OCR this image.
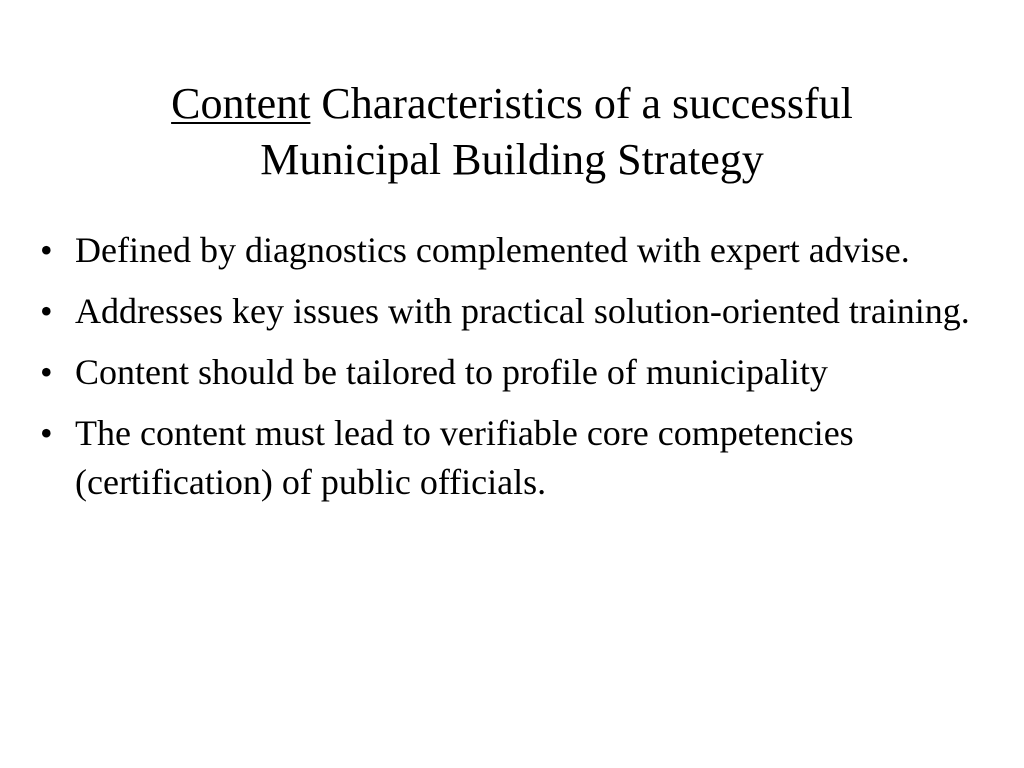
Content Characteristics of a successful
Municipal Building Strategy
• Defined by diagnostics complemented with expert advise.
• Addresses key issues with practical solution-oriented training.
• Content should be tailored to profile of municipality
• The content must lead to verifiable core competencies (certification) of public officials.
